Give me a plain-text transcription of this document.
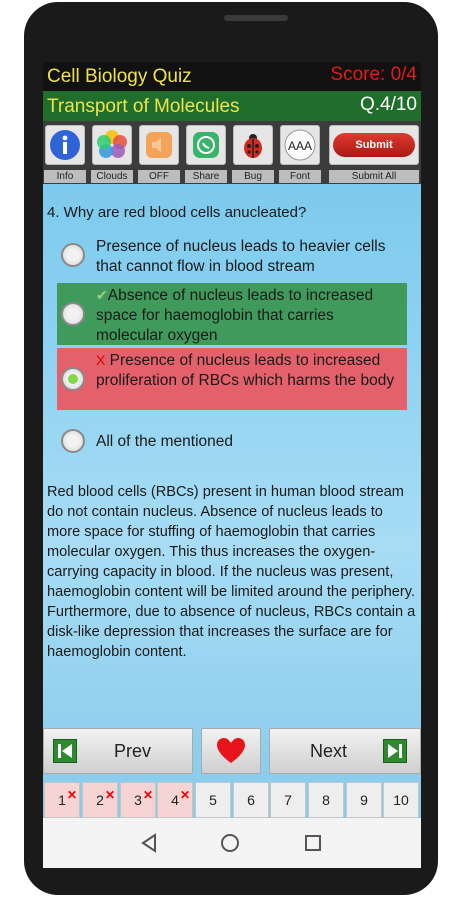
Cell Biology Quiz	Score: 0/4
Transport of Molecules	Q.4/10
AAA	Submit
Info	Clouds	OFF	Share	Bug	Font	Submit All
4. Why are red blood cells anucleated?
Presence of nucleus leads to heavier cells that cannot flow in blood stream
✔Absence of nucleus leads to increased space for haemoglobin that carries molecular oxygen
X Presence of nucleus leads to increased proliferation of RBCs which harms the body
All of the mentioned
Red blood cells (RBCs) present in human blood stream do not contain nucleus. Absence of nucleus leads to more space for stuffing of haemoglobin that carries molecular oxygen. This thus increases the oxygen-carrying capacity in blood. If the nucleus was present, haemoglobin content will be limited around the periphery. Furthermore, due to absence of nucleus, RBCs contain a disk-like depression that increases the surface are for haemoglobin content.
Prev	Next
1 ✕	2 ✕	3 ✕	4 ✕	5	6	7	8	9	10
